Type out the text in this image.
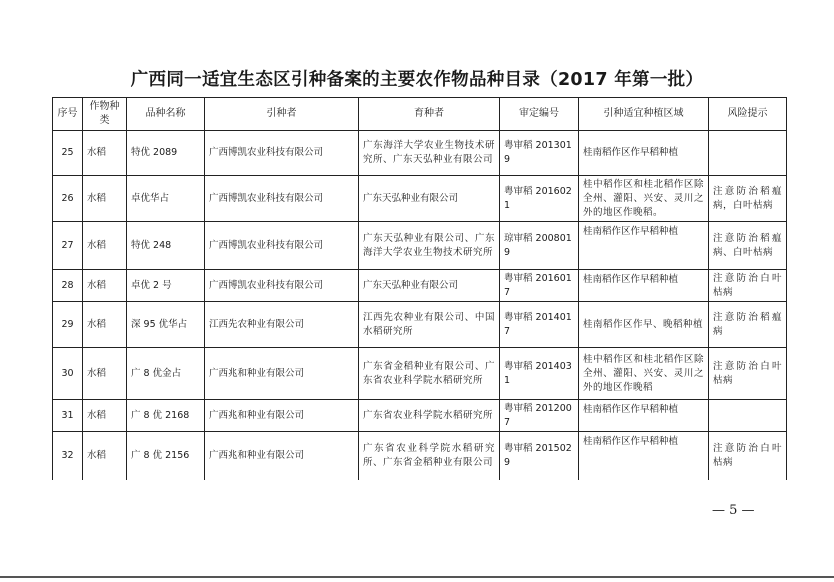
广西同一适宜生态区引种备案的主要农作物品种目录（2017 年第一批）
序号	作物种类	品种名称	引种者	育种者	审定编号	引种适宜种植区域	风险提示
25	水稻	特优 2089	广西博凯农业科技有限公司	广东海洋大学农业生物技术研究所、广东天弘种业有限公司	粤审稻 2013019	桂南稻作区作早稻种植	
26	水稻	卓优华占	广西博凯农业科技有限公司	广东天弘种业有限公司	粤审稻 2016021	桂中稻作区和桂北稻作区除全州、灌阳、兴安、灵川之外的地区作晚稻。	注意防治稻瘟病，白叶枯病
27	水稻	特优 248	广西博凯农业科技有限公司	广东天弘种业有限公司、广东海洋大学农业生物技术研究所	琼审稻 2008019	桂南稻作区作早稻种植	注意防治稻瘟病、白叶枯病
28	水稻	卓优 2 号	广西博凯农业科技有限公司	广东天弘种业有限公司	粤审稻 2016017	桂南稻作区作早稻种植	注意防治白叶枯病
29	水稻	深 95 优华占	江西先农种业有限公司	江西先农种业有限公司、中国水稻研究所	粤审稻 2014017	桂南稻作区作早、晚稻种植	注意防治稻瘟病
30	水稻	广 8 优金占	广西兆和种业有限公司	广东省金稻种业有限公司、广东省农业科学院水稻研究所	粤审稻 2014031	桂中稻作区和桂北稻作区除全州、灌阳、兴安、灵川之外的地区作晚稻	注意防治白叶枯病
31	水稻	广 8 优 2168	广西兆和种业有限公司	广东省农业科学院水稻研究所	粤审稻 2012007	桂南稻作区作早稻种植	
32	水稻	广 8 优 2156	广西兆和种业有限公司	广东省农业科学院水稻研究所、广东省金稻种业有限公司	粤审稻 2015029	桂南稻作区作早稻种植	注意防治白叶枯病
— 5 —
